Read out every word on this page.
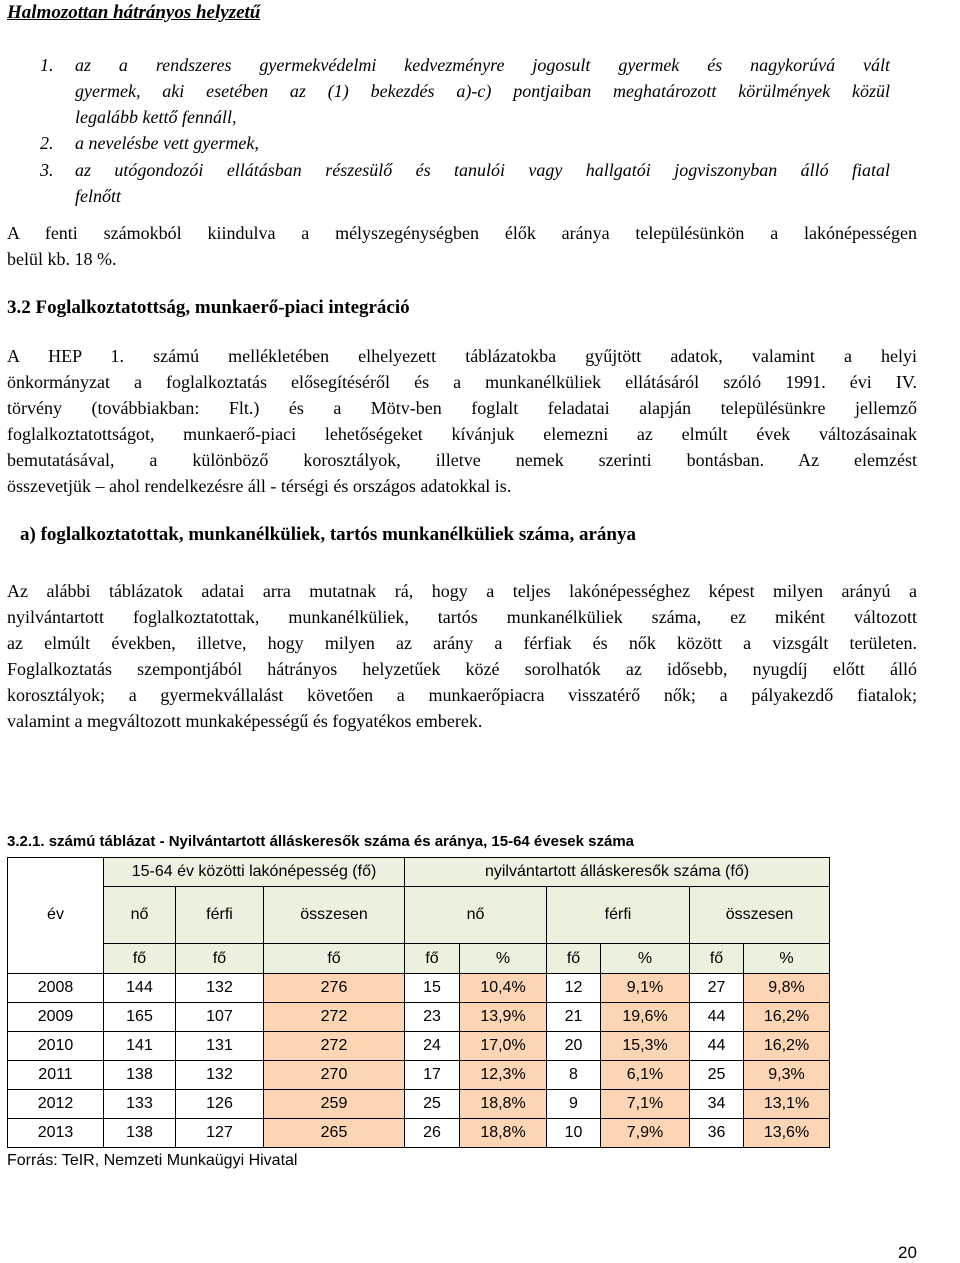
Halmozottan hátrányos helyzetű
1. az a rendszeres gyermekvédelmi kedvezményre jogosult gyermek és nagykorúvá vált
gyermek, aki esetében az (1) bekezdés a)-c) pontjaiban meghatározott körülmények közül
legalább kettő fennáll,
2. a nevelésbe vett gyermek,
3. az utógondozói ellátásban részesülő és tanulói vagy hallgatói jogviszonyban álló fiatal
felnőtt
A fenti számokból kiindulva a mélyszegénységben élők aránya településünkön a lakónépességen
belül kb. 18 %.
3.2 Foglalkoztatottság, munkaerő-piaci integráció
A HEP 1. számú mellékletében elhelyezett táblázatokba gyűjtött adatok, valamint a helyi
önkormányzat a foglalkoztatás elősegítéséről és a munkanélküliek ellátásáról szóló 1991. évi IV.
törvény (továbbiakban: Flt.) és a Mötv-ben foglalt feladatai alapján településünkre jellemző
foglalkoztatottságot, munkaerő-piaci lehetőségeket kívánjuk elemezni az elmúlt évek változásainak
bemutatásával, a különböző korosztályok, illetve nemek szerinti bontásban. Az elemzést
összevetjük – ahol rendelkezésre áll - térségi és országos adatokkal is.
a) foglalkoztatottak, munkanélküliek, tartós munkanélküliek száma, aránya
Az alábbi táblázatok adatai arra mutatnak rá, hogy a teljes lakónépességhez képest milyen arányú a
nyilvántartott foglalkoztatottak, munkanélküliek, tartós munkanélküliek száma, ez miként változott
az elmúlt években, illetve, hogy milyen az arány a férfiak és nők között a vizsgált területen.
Foglalkoztatás szempontjából hátrányos helyzetűek közé sorolhatók az idősebb, nyugdíj előtt álló
korosztályok; a gyermekvállalást követően a munkaerőpiacra visszatérő nők; a pályakezdő fiatalok;
valamint a megváltozott munkaképességű és fogyatékos emberek.
3.2.1. számú táblázat - Nyilvántartott álláskeresők száma és aránya, 15-64 évesek száma
	15-64 év közötti lakónépesség (fő)			nyilvántartott álláskeresők száma (fő)					
év	nő	férfi	összesen	nő		férfi		összesen	
	fő	fő	fő	fő	%	fő	%	fő	%
2008	144	132	276	15	10,4%	12	9,1%	27	9,8%
2009	165	107	272	23	13,9%	21	19,6%	44	16,2%
2010	141	131	272	24	17,0%	20	15,3%	44	16,2%
2011	138	132	270	17	12,3%	8	6,1%	25	9,3%
2012	133	126	259	25	18,8%	9	7,1%	34	13,1%
2013	138	127	265	26	18,8%	10	7,9%	36	13,6%
Forrás: TeIR, Nemzeti Munkaügyi Hivatal
20
